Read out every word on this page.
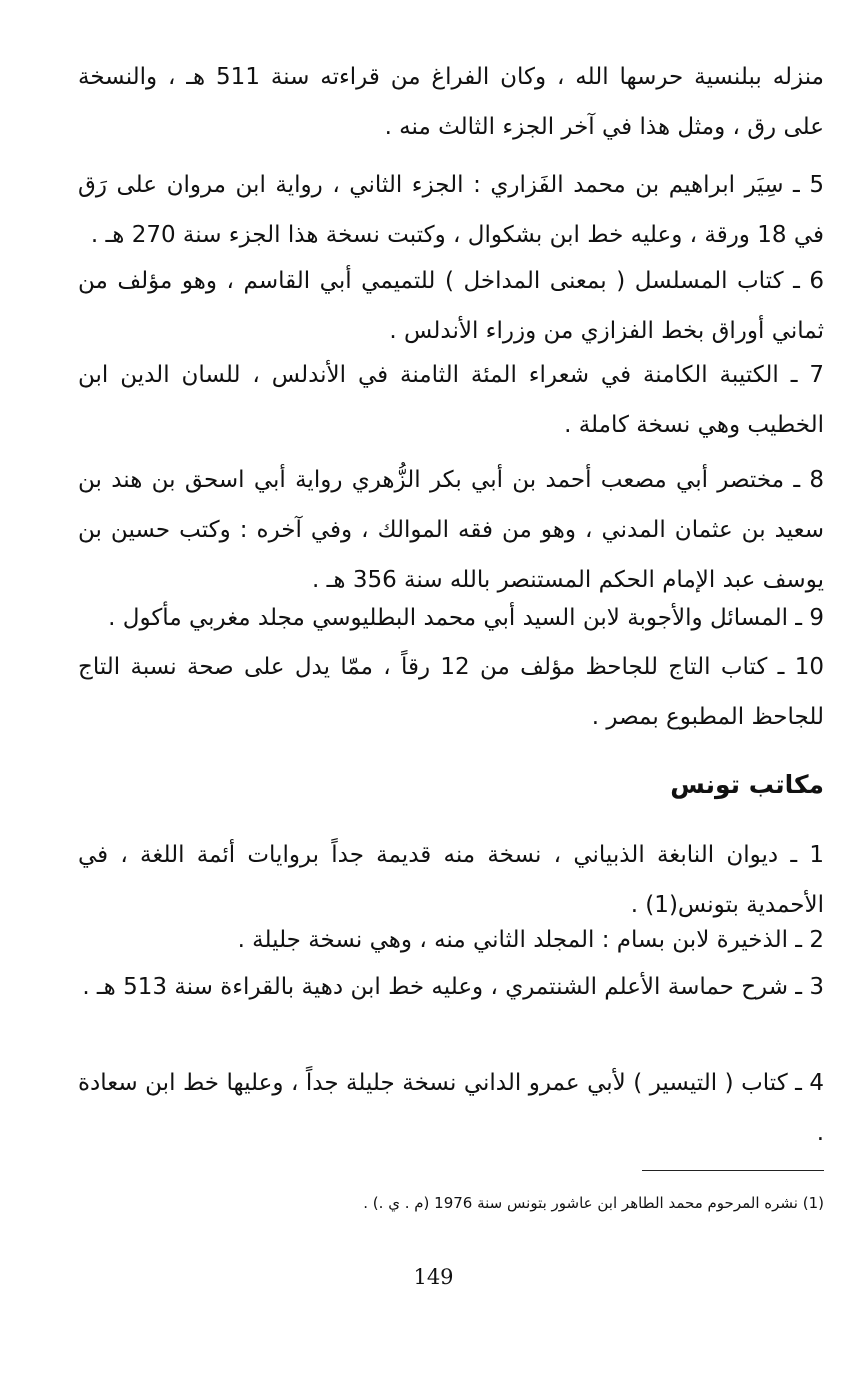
منزله ببلنسية حرسها الله ، وكان الفراغ من قراءته سنة 511 هـ ، والنسخة على رق ، ومثل هذا في آخر الجزء الثالث منه .

5 ـ سِيَر ابراهيم بن محمد الفَزاري : الجزء الثاني ، رواية ابن مروان على رَق في 18 ورقة ، وعليه خط ابن بشكوال ، وكتبت نسخة هذا الجزء سنة 270 هـ .

6 ـ كتاب المسلسل ( بمعنى المداخل ) للتميمي أبي القاسم ، وهو مؤلف من ثماني أوراق بخط الفزازي من وزراء الأندلس .

7 ـ الكتيبة الكامنة في شعراء المئة الثامنة في الأندلس ، للسان الدين ابن الخطيب وهي نسخة كاملة .

8 ـ مختصر أبي مصعب أحمد بن أبي بكر الزُّهري رواية أبي اسحق بن هند بن سعيد بن عثمان المدني ، وهو من فقه الموالك ، وفي آخره : وكتب حسين بن يوسف عبد الإمام الحكم المستنصر بالله سنة 356 هـ .

9 ـ المسائل والأجوبة لابن السيد أبي محمد البطليوسي مجلد مغربي مأكول .

10 ـ كتاب التاج للجاحظ مؤلف من 12 رقاً ، ممّا يدل على صحة نسبة التاج للجاحظ المطبوع بمصر .

مكاتب تونس

1 ـ ديوان النابغة الذبياني ، نسخة منه قديمة جداً بروايات أئمة اللغة ، في الأحمدية بتونس(1) .

2 ـ الذخيرة لابن بسام : المجلد الثاني منه ، وهي نسخة جليلة .

3 ـ شرح حماسة الأعلم الشنتمري ، وعليه خط ابن دهية بالقراءة سنة 513 هـ .

4 ـ كتاب ( التيسير ) لأبي عمرو الداني نسخة جليلة جداً ، وعليها خط ابن سعادة .

(1) نشره المرحوم محمد الطاهر ابن عاشور بتونس سنة 1976 (م . ي .) .

149
